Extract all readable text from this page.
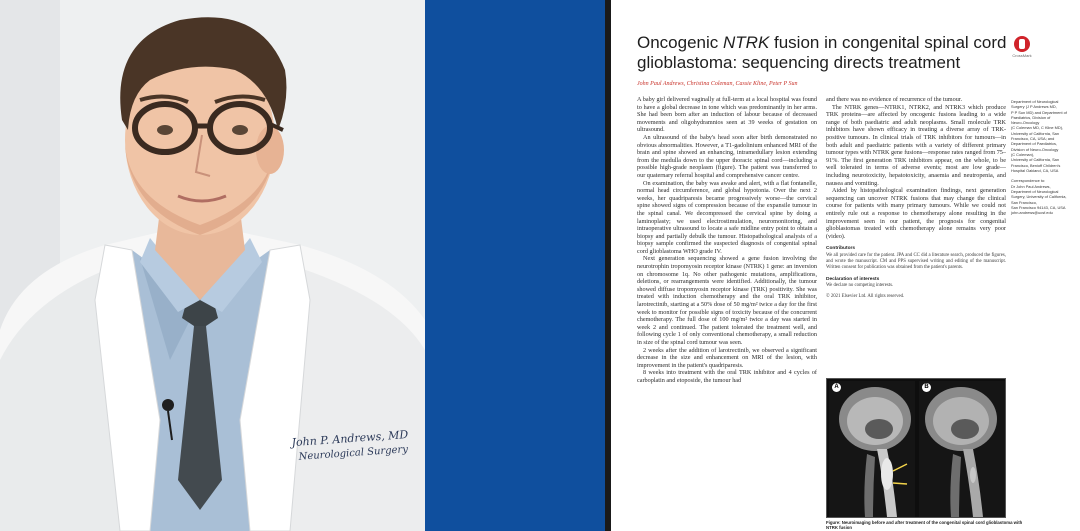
John P. Andrews, MD
Neurological Surgery
Oncogenic NTRK fusion in congenital spinal cord glioblastoma: sequencing directs treatment	CrossMark
John Paul Andrews, Christina Coleman, Cassie Kline, Peter P Sun

A baby girl delivered vaginally at full-term at a local hospital was found to have a global decrease in tone which was predominantly in her arms. She had been born after an induction of labour because of decreased movements and oligohydramnios seen at 39 weeks of gestation on ultrasound.

An ultrasound of the baby's head soon after birth demonstrated no obvious abnormalities. However, a T1-gadolinium enhanced MRI of the brain and spine showed an enhancing, intramedullary lesion extending from the medulla down to the upper thoracic spinal cord—including a possible high-grade neoplasm (figure). The patient was transferred to our quaternary referral hospital and comprehensive cancer centre.

On examination, the baby was awake and alert, with a flat fontanelle, normal head circumference, and global hypotonia. Over the next 2 weeks, her quadriparesis became progressively worse—the cervical spine showed signs of compression because of the expansile tumour in the spinal canal. We decompressed the cervical spine by doing a laminoplasty; we used electrostimulation, neuromonitoring, and intraoperative ultrasound to locate a safe midline entry point to obtain a biopsy and partially debulk the tumour. Histopathological analysis of a biopsy sample confirmed the suspected diagnosis of congenital spinal cord glioblastoma WHO grade IV.

Next generation sequencing showed a gene fusion involving the neurotrophin tropomyosin receptor kinase (NTRK) 1 gene: an inversion on chromosome 1q. No other pathogenic mutations, amplifications, deletions, or rearrangements were identified. Additionally, the tumour showed diffuse tropomyosin receptor kinase (TRK) positivity. She was treated with induction chemotherapy and the oral TRK inhibitor, larotrectinib, starting at a 50% dose of 50 mg/m² twice a day for the first week to monitor for possible signs of toxicity because of the concurrent chemotherapy. The full dose of 100 mg/m² twice a day was started in week 2 and continued. The patient tolerated the treatment well, and following cycle 1 of only conventional chemotherapy, a small reduction in size of the spinal cord tumour was seen.

2 weeks after the addition of larotrectinib, we observed a significant decrease in the size and enhancement on MRI of the lesion, with improvement in the patient's quadriparesis.

8 weeks into treatment with the oral TRK inhibitor and 4 cycles of carboplatin and etoposide, the tumour had

and there was no evidence of recurrence of the tumour.

The NTRK genes—NTRK1, NTRK2, and NTRK3 which produce TRK proteins—are affected by oncogenic fusions leading to a wide range of both paediatric and adult neoplasms. Small molecule TRK inhibitors have shown efficacy in treating a diverse array of TRK-positive tumours. In clinical trials of TRK inhibitors for tumours—in both adult and paediatric patients with a variety of different primary tumour types with NTRK gene fusions—response rates ranged from 75–91%. The first generation TRK inhibitors appear, on the whole, to be well tolerated in terms of adverse events; most are low grade—including neurotoxicity, hepatotoxicity, anaemia and neutropenia, and nausea and vomiting.

Aided by histopathological examination findings, next generation sequencing can uncover NTRK fusions that may change the clinical course for patients with many primary tumours. While we could not entirely rule out a response to chemotherapy alone resulting in the improvement seen in our patient, the prognosis for congenital glioblastomas treated with chemotherapy alone remains very poor (video).

Contributors

We all provided care for the patient. JPA and CC did a literature search, produced the figures, and wrote the manuscript. CM and PPS supervised writing and editing of the manuscript. Written consent for publication was obtained from the patient's parents.

Declaration of interests

We declare no competing interests.

© 2021 Elsevier Ltd. All rights reserved.

Department of Neurological
Surgery (J P Andrews MD,
P P Sun MD) and Department of
Paediatrics, Division of
Neuro-Oncology
(C Coleman MD, C Kline MD),
University of California, San
Francisco, CA, USA; and
Department of Paediatrics,
Division of Neuro-Oncology
(C Coleman),
University of California, San
Francisco, Benioff Children's
Hospital Oakland, CA, USA
Correspondence to:
Dr John Paul Andrews,
Department of Neurological
Surgery, University of California,
San Francisco,
San Francisco 94143, CA, USA
john.andrews@ucsf.edu
A	B
Figure: Neuroimaging before and after treatment of the congenital spinal cord glioblastoma with NTRK fusion
